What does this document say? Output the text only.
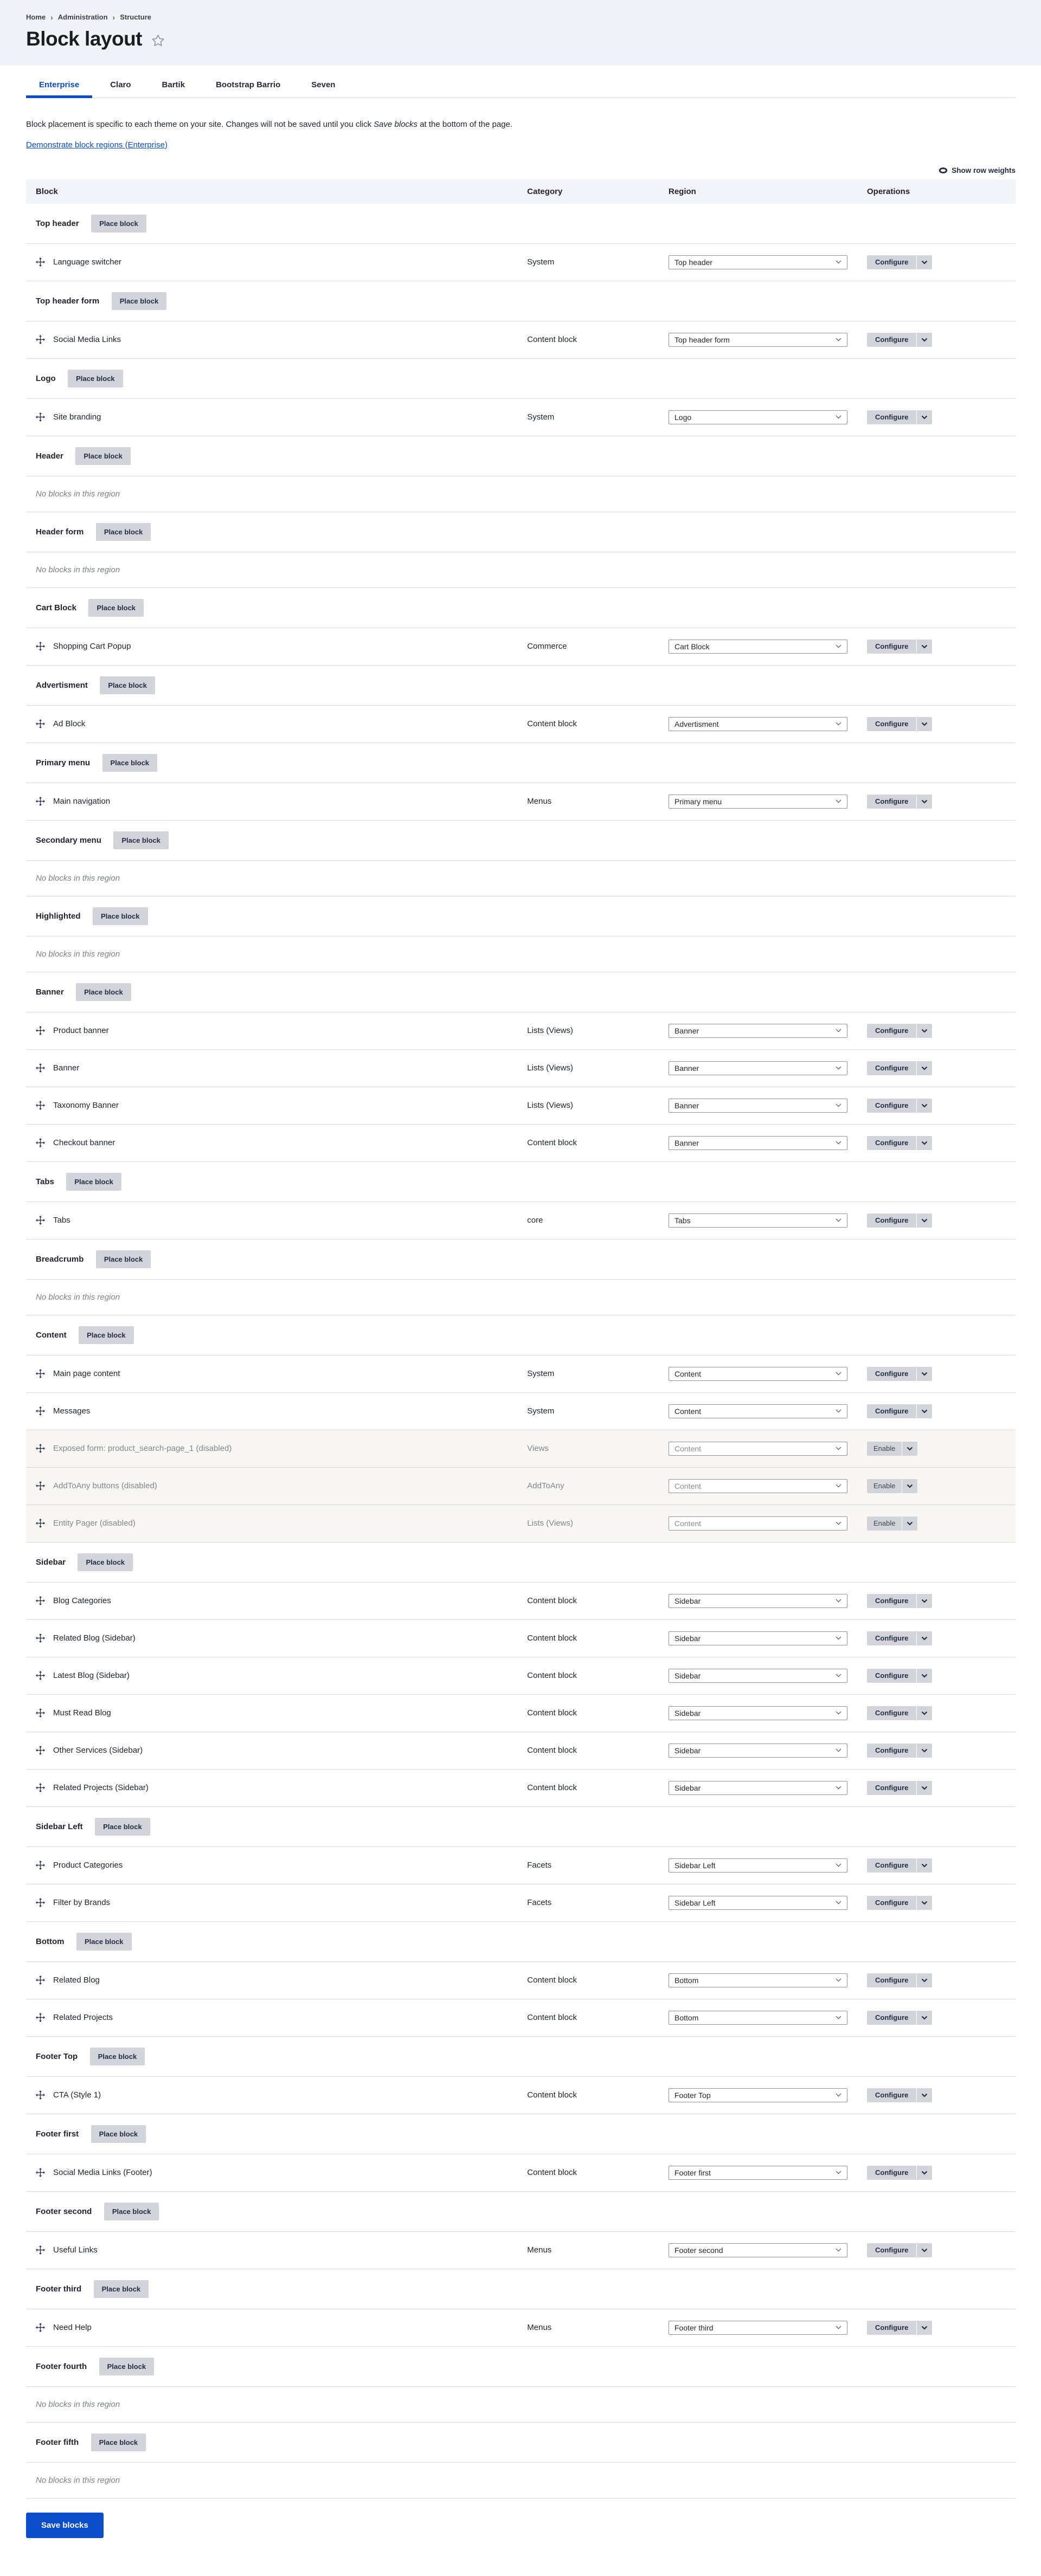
Home › Administration › Structure
Block layout
Enterprise	Claro	Bartik	Bootstrap Barrio	Seven

Block placement is specific to each theme on your site. Changes will not be saved until you click Save blocks at the bottom of the page.

Demonstrate block regions (Enterprise)
Show row weights
Block	Category	Region	Operations
Top header Place block			

Language switcher	System	Top header	Configure

Top header form Place block			

Social Media Links	Content block	Top header form	Configure

Logo Place block			

Site branding	System	Logo	Configure

Header Place block			
No blocks in this region			
Header form Place block			
No blocks in this region			
Cart Block Place block			

Shopping Cart Popup	Commerce	Cart Block	Configure

Advertisment Place block			

Ad Block	Content block	Advertisment	Configure

Primary menu Place block			

Main navigation	Menus	Primary menu	Configure

Secondary menu Place block			
No blocks in this region			
Highlighted Place block			
No blocks in this region			
Banner Place block			

Product banner	Lists (Views)	Banner	Configure

Banner	Lists (Views)	Banner	Configure

Taxonomy Banner	Lists (Views)	Banner	Configure

Checkout banner	Content block	Banner	Configure

Tabs Place block			

Tabs	core	Tabs	Configure

Breadcrumb Place block			
No blocks in this region			
Content Place block			

Main page content	System	Content	Configure

Messages	System	Content	Configure

Exposed form: product_search-page_1 (disabled)	Views	Content	Enable

AddToAny buttons (disabled)	AddToAny	Content	Enable

Entity Pager (disabled)	Lists (Views)	Content	Enable

Sidebar Place block			

Blog Categories	Content block	Sidebar	Configure

Related Blog (Sidebar)	Content block	Sidebar	Configure

Latest Blog (Sidebar)	Content block	Sidebar	Configure

Must Read Blog	Content block	Sidebar	Configure

Other Services (Sidebar)	Content block	Sidebar	Configure

Related Projects (Sidebar)	Content block	Sidebar	Configure

Sidebar Left Place block			

Product Categories	Facets	Sidebar Left	Configure

Filter by Brands	Facets	Sidebar Left	Configure

Bottom Place block			

Related Blog	Content block	Bottom	Configure

Related Projects	Content block	Bottom	Configure

Footer Top Place block			

CTA (Style 1)	Content block	Footer Top	Configure

Footer first Place block			

Social Media Links (Footer)	Content block	Footer first	Configure

Footer second Place block			

Useful Links	Menus	Footer second	Configure

Footer third Place block			

Need Help	Menus	Footer third	Configure

Footer fourth Place block			
No blocks in this region			
Footer fifth Place block			
No blocks in this region			
Save blocks
